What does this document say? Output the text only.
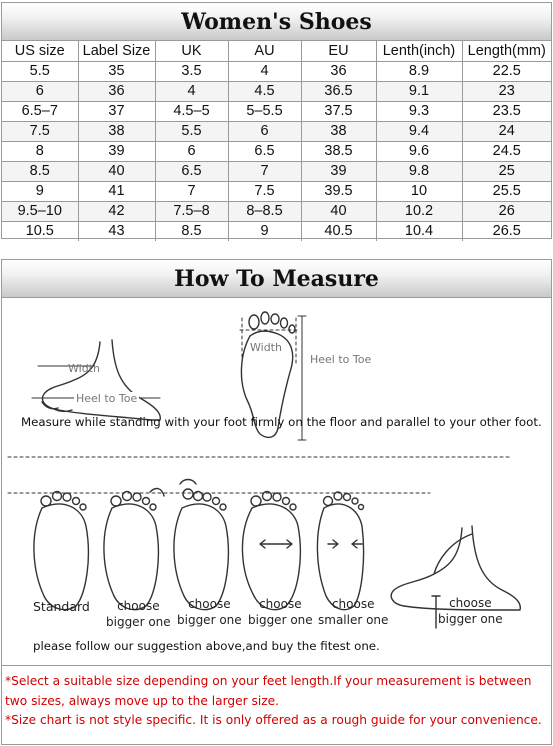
Women's Shoes
US size	Label Size	UK	AU	EU	Lenth(inch)	Length(mm)
5.5	35	3.5	4	36	8.9	22.5
6	36	4	4.5	36.5	9.1	23
6.5–7	37	4.5–5	5–5.5	37.5	9.3	23.5
7.5	38	5.5	6	38	9.4	24
8	39	6	6.5	38.5	9.6	24.5
8.5	40	6.5	7	39	9.8	25
9	41	7	7.5	39.5	10	25.5
9.5–10	42	7.5–8	8–8.5	40	10.2	26
10.5	43	8.5	9	40.5	10.4	26.5
How To Measure
Width
Heel to Toe
Width
Heel to Toe
Measure while standing with your foot firmly on the floor and parallel to your other foot.
Standard	choose
bigger one
choose
bigger one
choose
bigger one
choose
smaller one
choose
bigger one
please follow our suggestion above,and buy the fitest one.
*Select a suitable size depending on your feet length.If your measurement is between two sizes, always move up to the larger size.
*Size chart is not style specific. It is only offered as a rough guide for your convenience.
